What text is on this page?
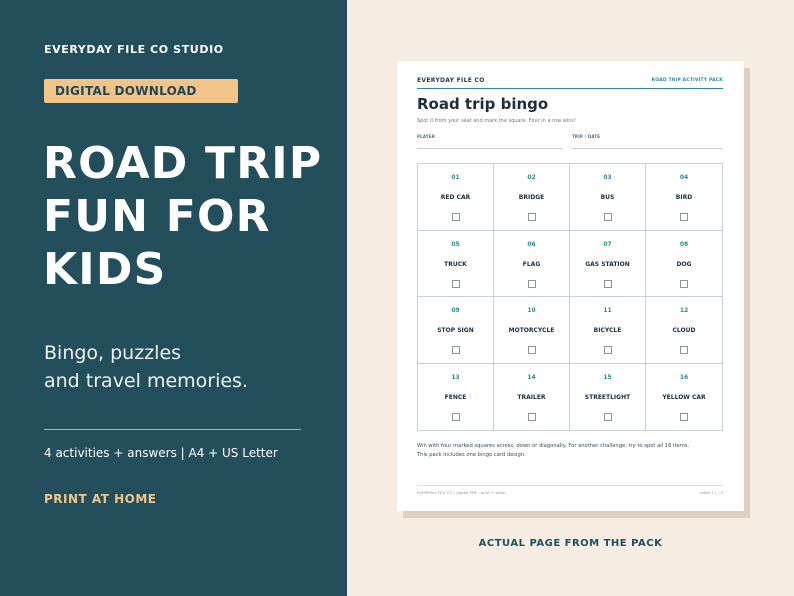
EVERYDAY FILE CO STUDIO
DIGITAL DOWNLOAD
ROAD TRIP
FUN FOR
KIDS
Bingo, puzzles
and travel memories.
4 activities + answers | A4 + US Letter
PRINT AT HOME
EVERYDAY FILE CO	ROAD TRIP ACTIVITY PACK
Road trip bingo
Spot it from your seat and mark the square. Four in a row wins!
PLAYER	TRIP / DATE
01
RED CAR
02
BRIDGE
03
BUS
04
BIRD
05
TRUCK
06
FLAG
07
GAS STATION
08
DOG
09
STOP SIGN
10
MOTORCYCLE
11
BICYCLE
12
CLOUD
13
FENCE
14
TRAILER
15
STREETLIGHT
16
YELLOW CAR
Win with four marked squares across, down or diagonally. For another challenge, try to spot all 16 items.
This pack includes one bingo card design.
EVERYDAY FILE CO / Digital PDF - print + write	Letter | 1 / 5
ACTUAL PAGE FROM THE PACK
